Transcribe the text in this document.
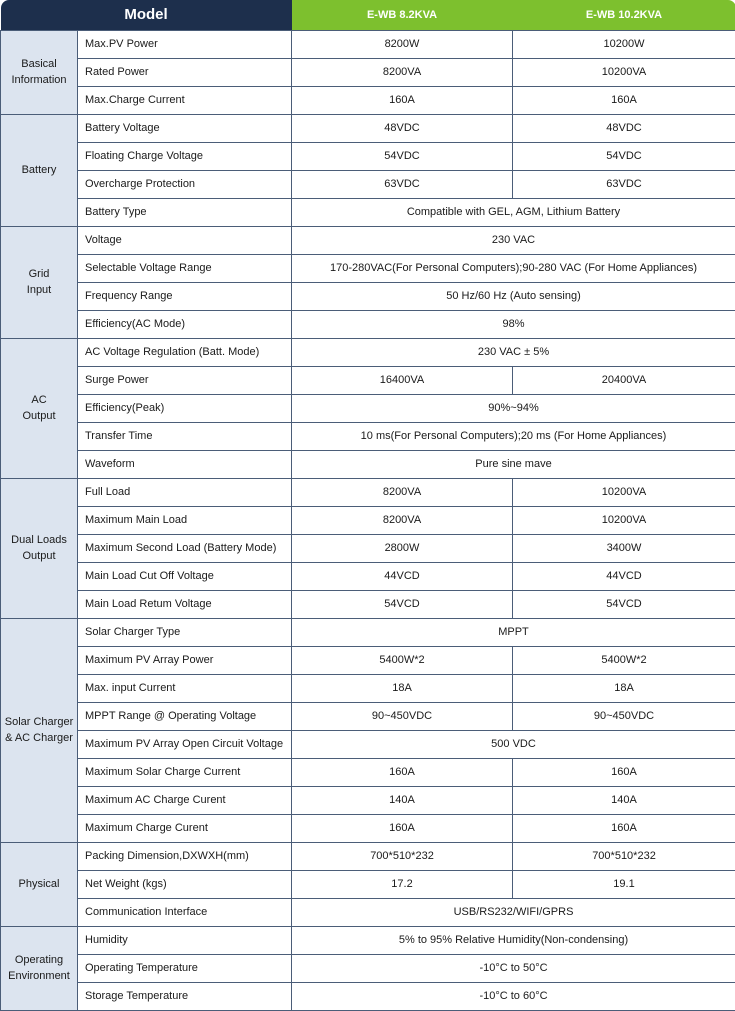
Model		E-WB 8.2KVA	E-WB 10.2KVA
Basical
Information	Max.PV Power	8200W	10200W
	Rated Power	8200VA	10200VA
	Max.Charge Current	160A	160A
Battery	Battery Voltage	48VDC	48VDC
	Floating Charge Voltage	54VDC	54VDC
	Overcharge Protection	63VDC	63VDC
	Battery Type	Compatible with GEL, AGM, Lithium Battery	
Grid
Input	Voltage	230 VAC	
	Selectable Voltage Range	170-280VAC(For Personal Computers);90-280 VAC (For Home Appliances)	
	Frequency Range	50 Hz/60 Hz (Auto sensing)	
	Efficiency(AC Mode)	98%	
AC
Output	AC Voltage Regulation (Batt. Mode)	230 VAC ± 5%	
	Surge Power	16400VA	20400VA
	Efficiency(Peak)	90%~94%	
	Transfer Time	10 ms(For Personal Computers);20 ms (For Home Appliances)	
	Waveform	Pure sine mave	
Dual Loads
Output	Full Load	8200VA	10200VA
	Maximum Main Load	8200VA	10200VA
	Maximum Second Load (Battery Mode)	2800W	3400W
	Main Load Cut Off Voltage	44VCD	44VCD
	Main Load Retum Voltage	54VCD	54VCD
Solar Charger
& AC Charger	Solar Charger Type	MPPT	
	Maximum PV Array Power	5400W*2	5400W*2
	Max. input Current	18A	18A
	MPPT Range @ Operating Voltage	90~450VDC	90~450VDC
	Maximum PV Array Open Circuit Voltage	500 VDC	
	Maximum Solar Charge Current	160A	160A
	Maximum AC Charge Curent	140A	140A
	Maximum Charge Curent	160A	160A
Physical	Packing Dimension,DXWXH(mm)	700*510*232	700*510*232
	Net Weight (kgs)	17.2	19.1
	Communication Interface	USB/RS232/WIFI/GPRS	
Operating
Environment	Humidity	5% to 95% Relative Humidity(Non-condensing)	
	Operating Temperature	-10°C to 50°C	
	Storage Temperature	-10°C to 60°C	
